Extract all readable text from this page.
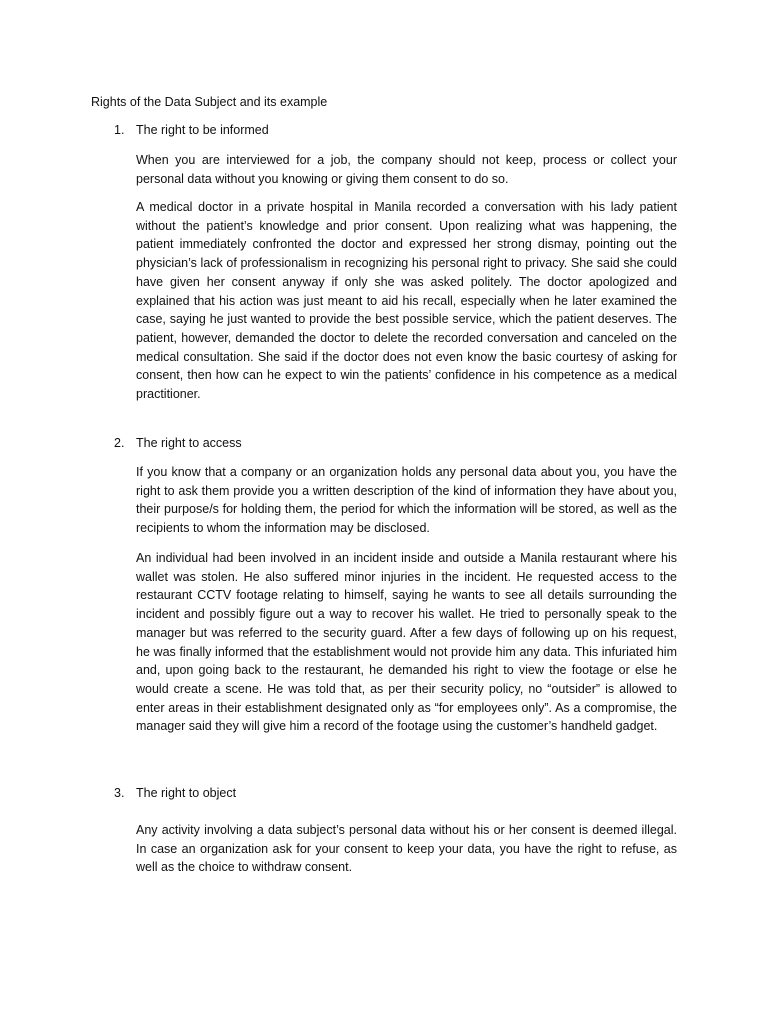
Rights of the Data Subject and its example
1. The right to be informed

When you are interviewed for a job, the company should not keep, process or collect your personal data without you knowing or giving them consent to do so.

A medical doctor in a private hospital in Manila recorded a conversation with his lady patient without the patient’s knowledge and prior consent. Upon realizing what was happening, the patient immediately confronted the doctor and expressed her strong dismay, pointing out the physician’s lack of professionalism in recognizing his personal right to privacy. She said she could have given her consent anyway if only she was asked politely. The doctor apologized and explained that his action was just meant to aid his recall, especially when he later examined the case, saying he just wanted to provide the best possible service, which the patient deserves. The patient, however, demanded the doctor to delete the recorded conversation and canceled on the medical consultation. She said if the doctor does not even know the basic courtesy of asking for consent, then how can he expect to win the patients’ confidence in his competence as a medical practitioner.

2. The right to access

If you know that a company or an organization holds any personal data about you, you have the right to ask them provide you a written description of the kind of information they have about you, their purpose/s for holding them, the period for which the information will be stored, as well as the recipients to whom the information may be disclosed.

An individual had been involved in an incident inside and outside a Manila restaurant where his wallet was stolen. He also suffered minor injuries in the incident. He requested access to the restaurant CCTV footage relating to himself, saying he wants to see all details surrounding the incident and possibly figure out a way to recover his wallet. He tried to personally speak to the manager but was referred to the security guard. After a few days of following up on his request, he was finally informed that the establishment would not provide him any data. This infuriated him and, upon going back to the restaurant, he demanded his right to view the footage or else he would create a scene. He was told that, as per their security policy, no “outsider” is allowed to enter areas in their establishment designated only as “for employees only”. As a compromise, the manager said they will give him a record of the footage using the customer’s handheld gadget.

3. The right to object

Any activity involving a data subject’s personal data without his or her consent is deemed illegal. In case an organization ask for your consent to keep your data, you have the right to refuse, as well as the choice to withdraw consent.
